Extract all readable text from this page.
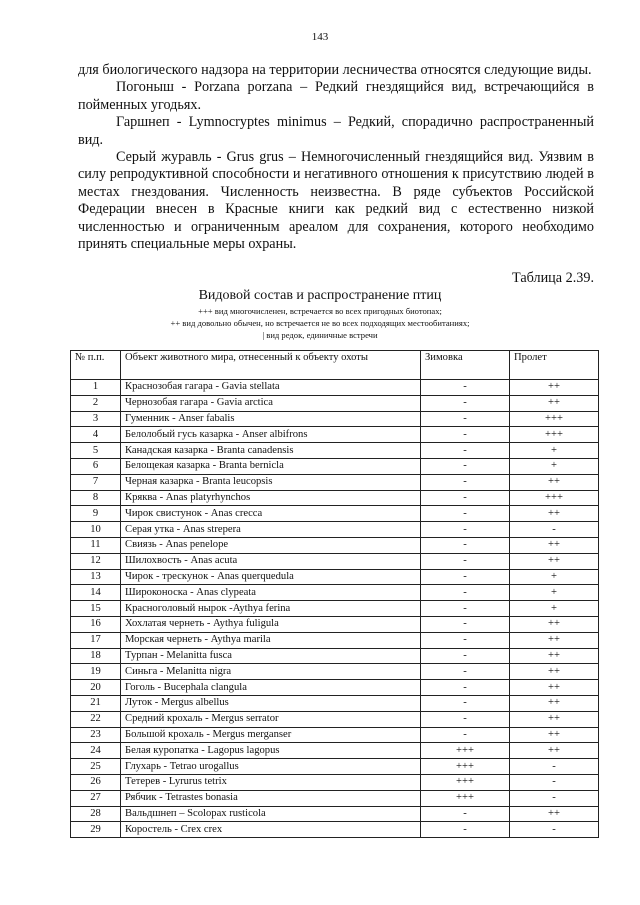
143

для биологического надзора на территории лесничества относятся следующие виды.

Погоныш - Porzana porzana – Редкий гнездящийся вид, встречающийся в пойменных угодьях.

Гаршнеп - Lymnocryptes minimus – Редкий, спорадично распространенный вид.

Серый журавль - Grus grus – Немногочисленный гнездящийся вид. Уязвим в силу репродуктивной способности и негативного отношения к присутствию людей в местах гнездования. Численность неизвестна. В ряде субъектов Российской Федерации внесен в Красные книги как редкий вид с естественно низкой численностью и ограниченным ареалом для сохранения, которого необходимо принять специальные меры охраны.

Таблица 2.39.
Видовой состав и распространение птиц
+++ вид многочисленен, встречается во всех пригодных биотопах;
++ вид довольно обычен, но встречается не во всех подходящих местообитаниях;
| вид редок, единичные встречи
№ п.п.	Объект животного мира, отнесенный к объекту охоты	Зимовка	Пролет
1	Краснозобая гагара - Gavia stellata	-	++
2	Чернозобая гагара - Gavia arctica	-	++
3	Гуменник - Anser fabalis	-	+++
4	Белолобый гусь казарка - Anser albifrons	-	+++
5	Канадская казарка - Branta canadensis	-	+
6	Белощекая казарка - Branta bernicla	-	+
7	Черная казарка - Branta leucopsis	-	++
8	Кряква - Anas platyrhynchos	-	+++
9	Чирок свистунок - Anas crecca	-	++
10	Серая утка - Anas strepera	-	-
11	Свиязь - Anas penelope	-	++
12	Шилохвость - Anas acuta	-	++
13	Чирок - трескунок - Anas querquedula	-	+
14	Широконоска - Anas clypeata	-	+
15	Красноголовый нырок -Aythya ferina	-	+
16	Хохлатая чернеть - Aythya fuligula	-	++
17	Морская чернеть - Aythya marila	-	++
18	Турпан - Melanitta fusca	-	++
19	Синьга - Melanitta nigra	-	++
20	Гоголь - Bucephala clangula	-	++
21	Луток - Mergus albellus	-	++
22	Средний крохаль - Mergus serrator	-	++
23	Большой крохаль - Mergus merganser	-	++
24	Белая куропатка - Lagopus lagopus	+++	++
25	Глухарь - Tetrao urogallus	+++	-
26	Тетерев - Lyrurus tetrix	+++	-
27	Рябчик - Tetrastes bonasia	+++	-
28	Вальдшнеп – Scolopax rusticola	-	++
29	Коростель - Crex crex	-	-
